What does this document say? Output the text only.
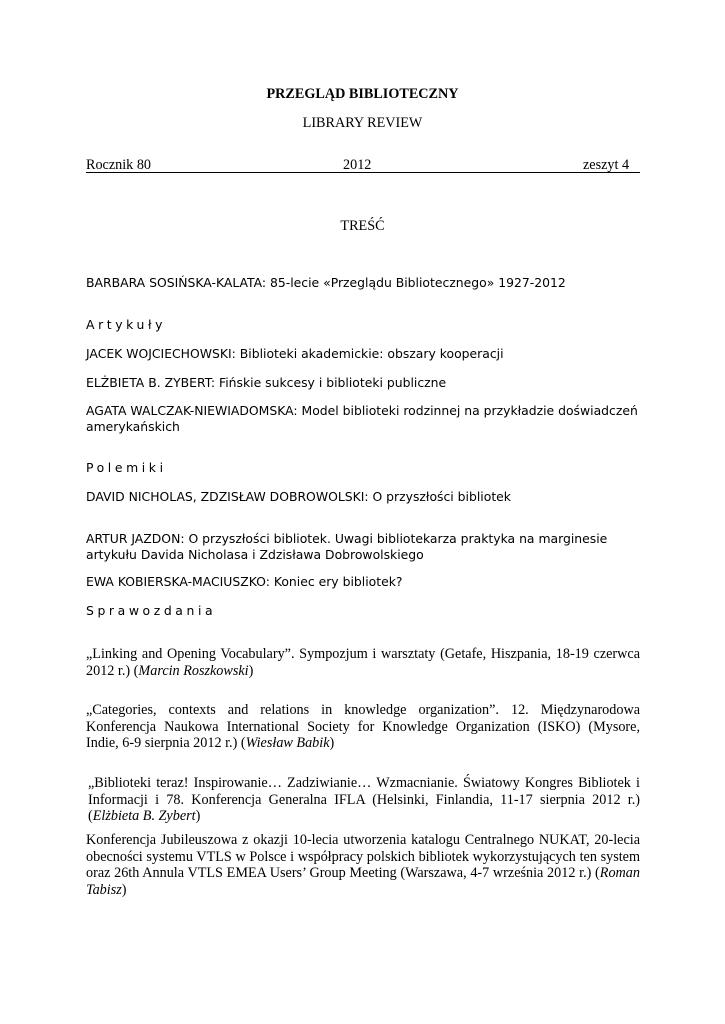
PRZEGLĄD BIBLIOTECZNY

LIBRARY REVIEW

Rocznik 80	2012	zeszyt 4

TREŚĆ

BARBARA SOSIŃSKA-KALATA: 85-lecie «Przeglądu Bibliotecznego» 1927-2012

Artykuły

JACEK WOJCIECHOWSKI: Biblioteki akademickie: obszary kooperacji

ELŻBIETA B. ZYBERT: Fińskie sukcesy i biblioteki publiczne

AGATA WALCZAK-NIEWIADOMSKA: Model biblioteki rodzinnej na przykładzie doświadczeń amerykańskich

Polemiki

DAVID NICHOLAS, ZDZISŁAW DOBROWOLSKI: O przyszłości bibliotek

ARTUR JAZDON: O przyszłości bibliotek. Uwagi bibliotekarza praktyka na marginesie artykułu Davida Nicholasa i Zdzisława Dobrowolskiego

EWA KOBIERSKA-MACIUSZKO: Koniec ery bibliotek?

Sprawozdania

„Linking and Opening Vocabulary”. Sympozjum i warsztaty (Getafe, Hiszpania, 18-19 czerwca 2012 r.) (Marcin Roszkowski)

„Categories, contexts and relations in knowledge organization”. 12. Międzynarodowa Konferencja Naukowa International Society for Knowledge Organization (ISKO) (Mysore, Indie, 6-9 sierpnia 2012 r.) (Wiesław Babik)

„Biblioteki teraz! Inspirowanie… Zadziwianie… Wzmacnianie. Światowy Kongres Bibliotek i Informacji i 78. Konferencja Generalna IFLA (Helsinki, Finlandia, 11-17 sierpnia 2012 r.) (Elżbieta B. Zybert)

Konferencja Jubileuszowa z okazji 10-lecia utworzenia katalogu Centralnego NUKAT, 20-lecia obecności systemu VTLS w Polsce i współpracy polskich bibliotek wykorzystujących ten system oraz 26th Annula VTLS EMEA Users’ Group Meeting (Warszawa, 4-7 września 2012 r.) (Roman Tabisz)
